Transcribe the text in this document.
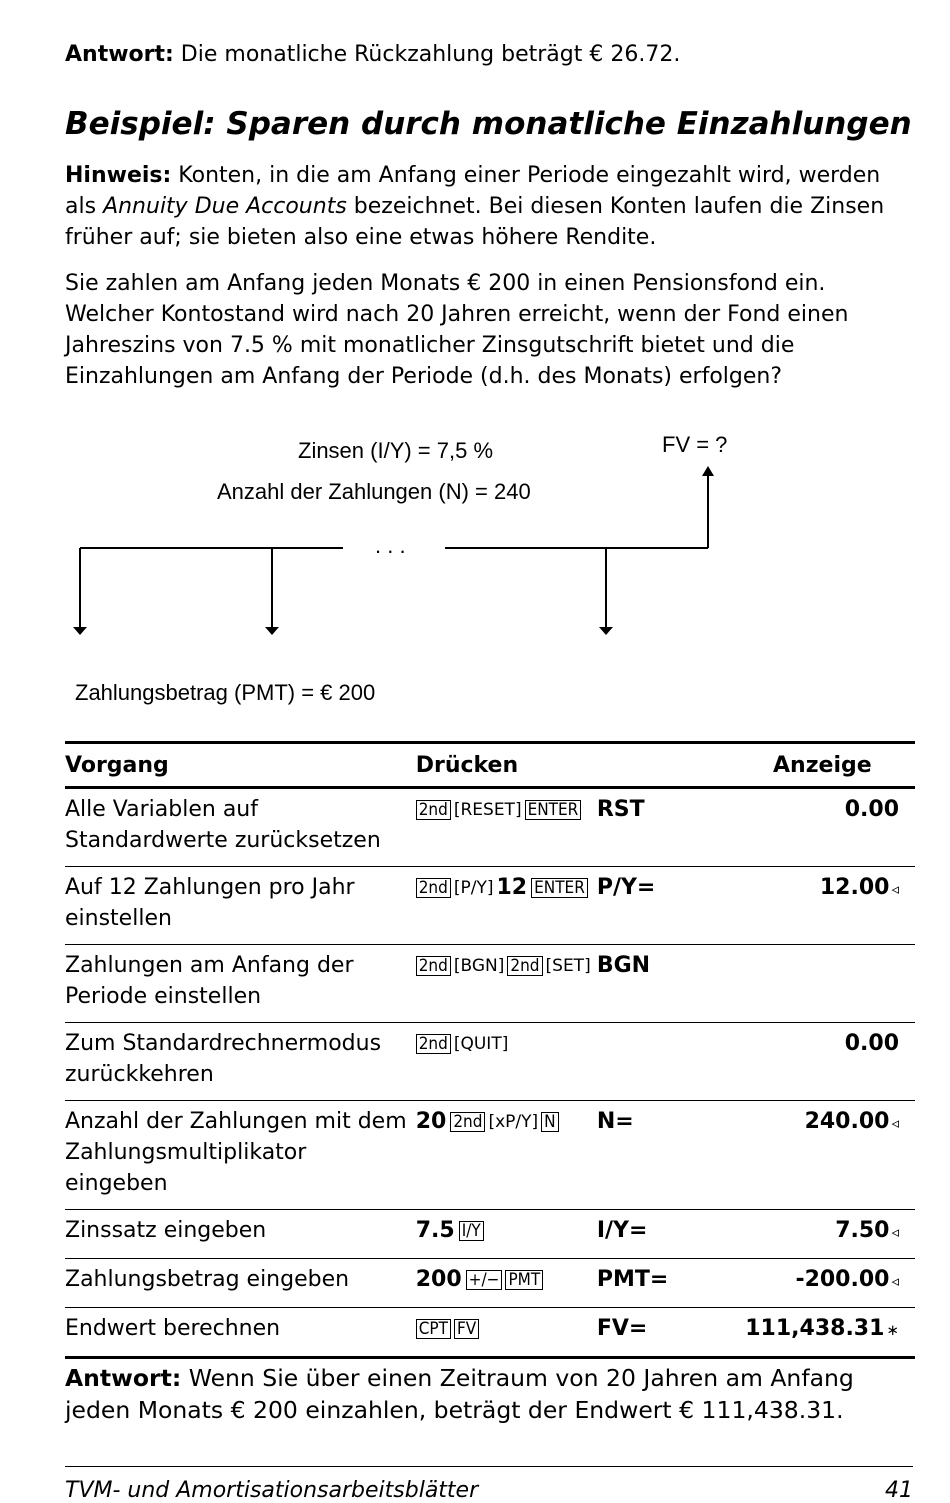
Antwort: Die monatliche Rückzahlung beträgt € 26.72.
Beispiel: Sparen durch monatliche Einzahlungen
Hinweis: Konten, in die am Anfang einer Periode eingezahlt wird, werden als Annuity Due Accounts bezeichnet. Bei diesen Konten laufen die Zinsen früher auf; sie bieten also eine etwas höhere Rendite.
Sie zahlen am Anfang jeden Monats € 200 in einen Pensionsfond ein. Welcher Kontostand wird nach 20 Jahren erreicht, wenn der Fond einen Jahreszins von 7.5 % mit monatlicher Zinsgutschrift bietet und die Einzahlungen am Anfang der Periode (d.h. des Monats) erfolgen?
Zinsen (I/Y) = 7,5 %
Anzahl der Zahlungen (N) = 240
FV = ?
. . .
Zahlungsbetrag (PMT) = € 200
Vorgang	Drücken		Anzeige
Alle Variablen auf Standardwerte zurücksetzen	2nd [RESET] ENTER	RST	0.00
Auf 12 Zahlungen pro Jahr einstellen	2nd [P/Y] 12 ENTER	P/Y=	12.00 ◃
Zahlungen am Anfang der Periode einstellen	2nd [BGN] 2nd [SET]	BGN	
Zum Standardrechnermodus zurückkehren	2nd [QUIT]		0.00
Anzahl der Zahlungen mit dem Zahlungsmultiplikator eingeben	20 2nd [xP/Y] N	N=	240.00 ◃
Zinssatz eingeben	7.5 I/Y	I/Y=	7.50 ◃
Zahlungsbetrag eingeben	200 +/− PMT	PMT=	-200.00 ◃
Endwert berechnen	CPT FV	FV=	111,438.31 ∗
Antwort: Wenn Sie über einen Zeitraum von 20 Jahren am Anfang jeden Monats € 200 einzahlen, beträgt der Endwert € 111,438.31.
TVM- und Amortisationsarbeitsblätter	41
